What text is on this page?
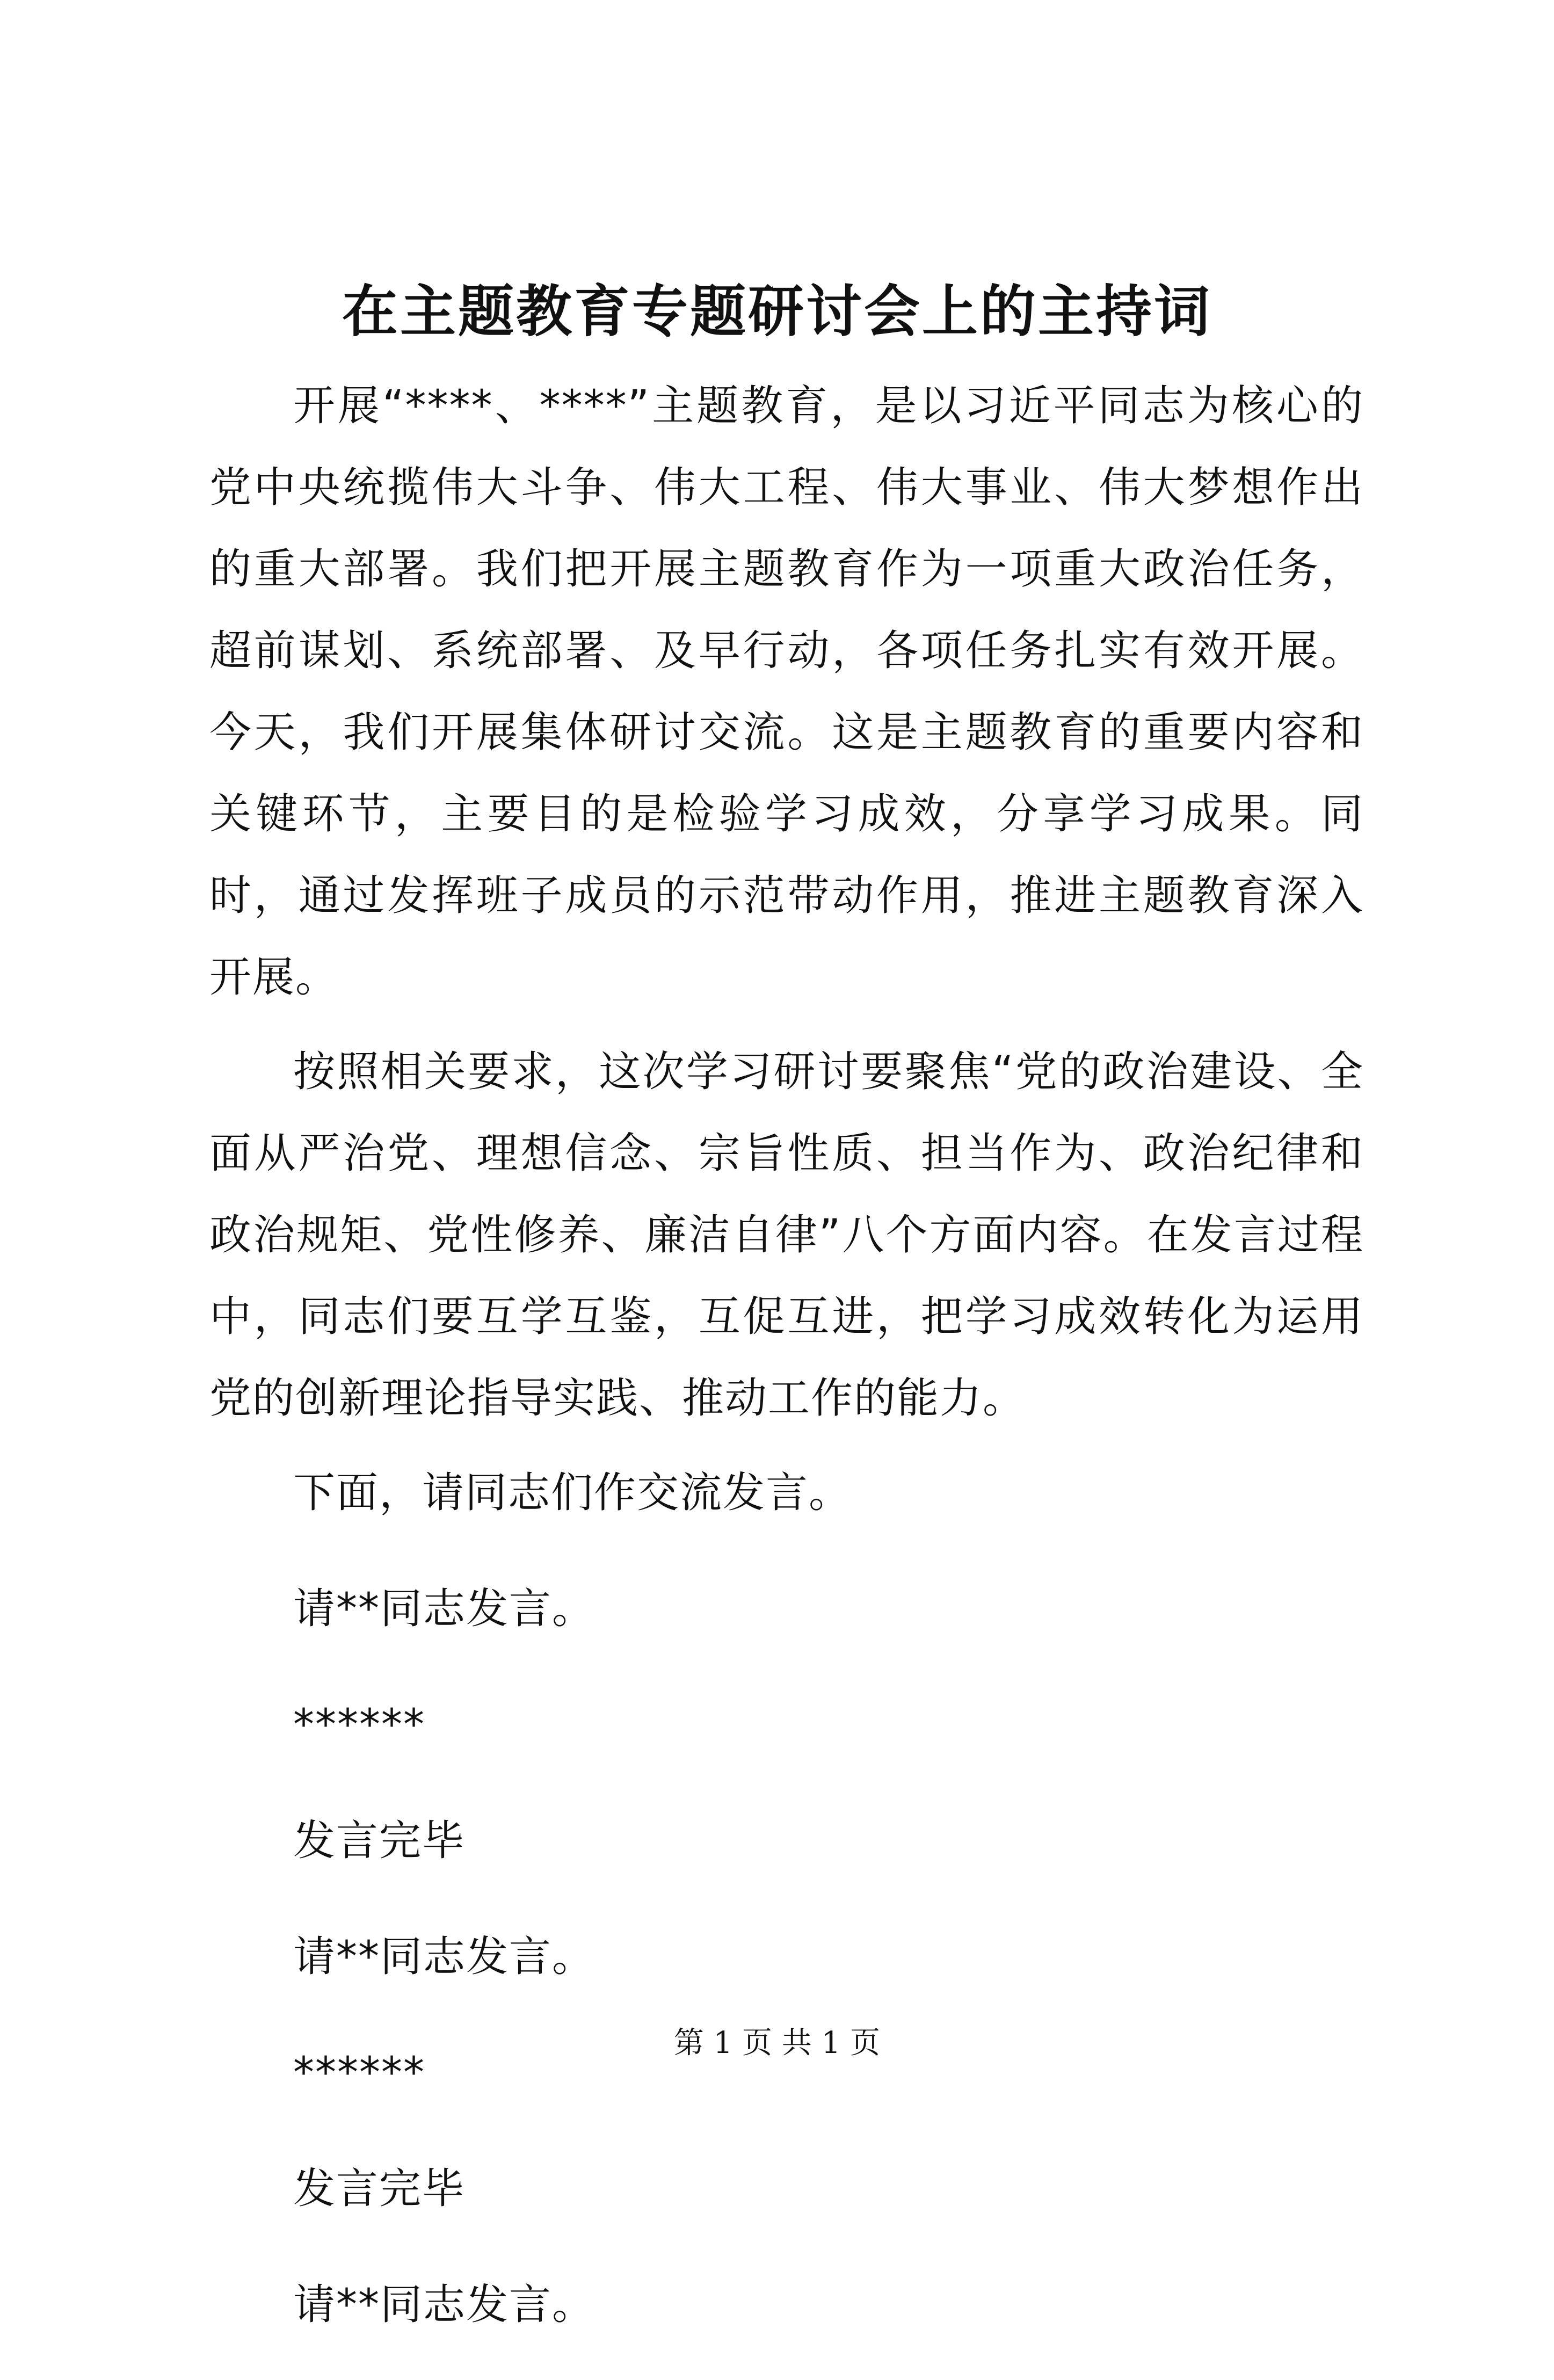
在主题教育专题研讨会上的主持词

开展“****、****”主题教育，是以习近平同志为核心的党中央统揽伟大斗争、伟大工程、伟大事业、伟大梦想作出的重大部署。我们把开展主题教育作为一项重大政治任务，超前谋划、系统部署、及早行动，各项任务扎实有效开展。今天，我们开展集体研讨交流。这是主题教育的重要内容和关键环节，主要目的是检验学习成效，分享学习成果。同时，通过发挥班子成员的示范带动作用，推进主题教育深入开展。

按照相关要求，这次学习研讨要聚焦“党的政治建设、全面从严治党、理想信念、宗旨性质、担当作为、政治纪律和政治规矩、党性修养、廉洁自律”八个方面内容。在发言过程中，同志们要互学互鉴，互促互进，把学习成效转化为运用党的创新理论指导实践、推动工作的能力。

下面，请同志们作交流发言。

请**同志发言。

******

发言完毕

请**同志发言。

******

发言完毕

请**同志发言。

第 1 页 共 1 页
